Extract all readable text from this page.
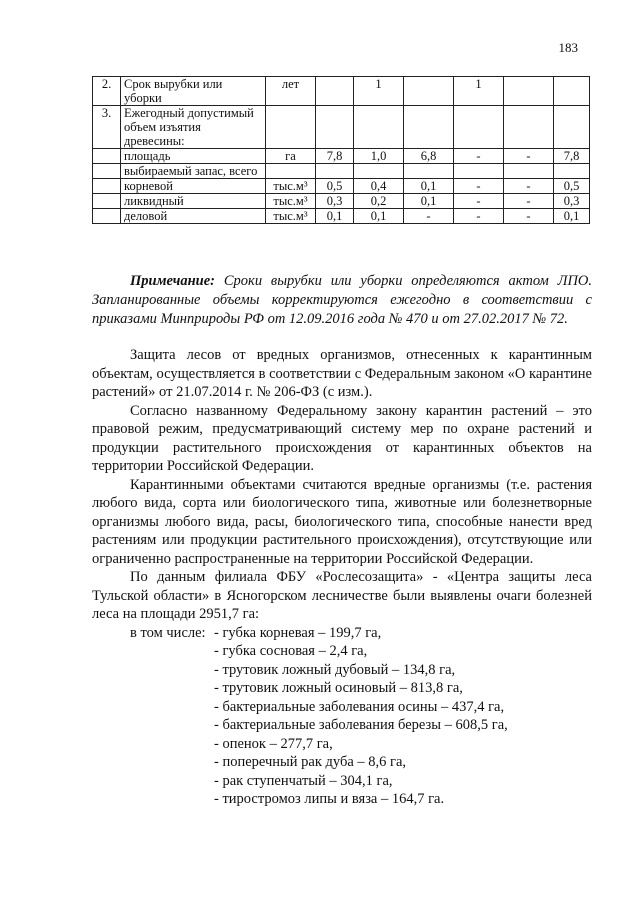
183
2.	Срок вырубки или уборки	лет		1		1			
3.	Ежегодный допустимый объем изъятия древесины:								
	площадь	га	7,8	1,0	6,8	-	-	7,8	
	выбираемый запас, всего								
	корневой	тыс.м³	0,5	0,4	0,1	-	-	0,5	
	ликвидный	тыс.м³	0,3	0,2	0,1	-	-	0,3	
	деловой	тыс.м³	0,1	0,1	-	-	-	0,1	
Примечание: Сроки вырубки или уборки определяются актом ЛПО. Запланированные объемы корректируются ежегодно в соответствии с приказами Минприроды РФ от 12.09.2016 года № 470 и от 27.02.2017 № 72.

Защита лесов от вредных организмов, отнесенных к карантинным объектам, осуществляется в соответствии с Федеральным законом «О карантине растений» от 21.07.2014 г. № 206-ФЗ (с изм.).

Согласно названному Федеральному закону карантин растений – это правовой режим, предусматривающий систему мер по охране растений и продукции растительного происхождения от карантинных объектов на территории Российской Федерации.

Карантинными объектами считаются вредные организмы (т.е. растения любого вида, сорта или биологического типа, животные или болезнетворные организмы любого вида, расы, биологического типа, способные нанести вред растениям или продукции растительного происхождения), отсутствующие или ограниченно распространенные на территории Российской Федерации.

По данным филиала ФБУ «Рослесозащита» - «Центра защиты леса Тульской области» в Ясногорском лесничестве были выявлены очаги болезней леса на площади 2951,7 га:

в том числе: - губка корневая – 199,7 га,
- губка сосновая – 2,4 га,
- трутовик ложный дубовый – 134,8 га,
- трутовик ложный осиновый – 813,8 га,
- бактериальные заболевания осины – 437,4 га,
- бактериальные заболевания березы – 608,5 га,
- опенок – 277,7 га,
- поперечный рак дуба – 8,6 га,
- рак ступенчатый – 304,1 га,
- тиростромоз липы и вяза – 164,7 га.
